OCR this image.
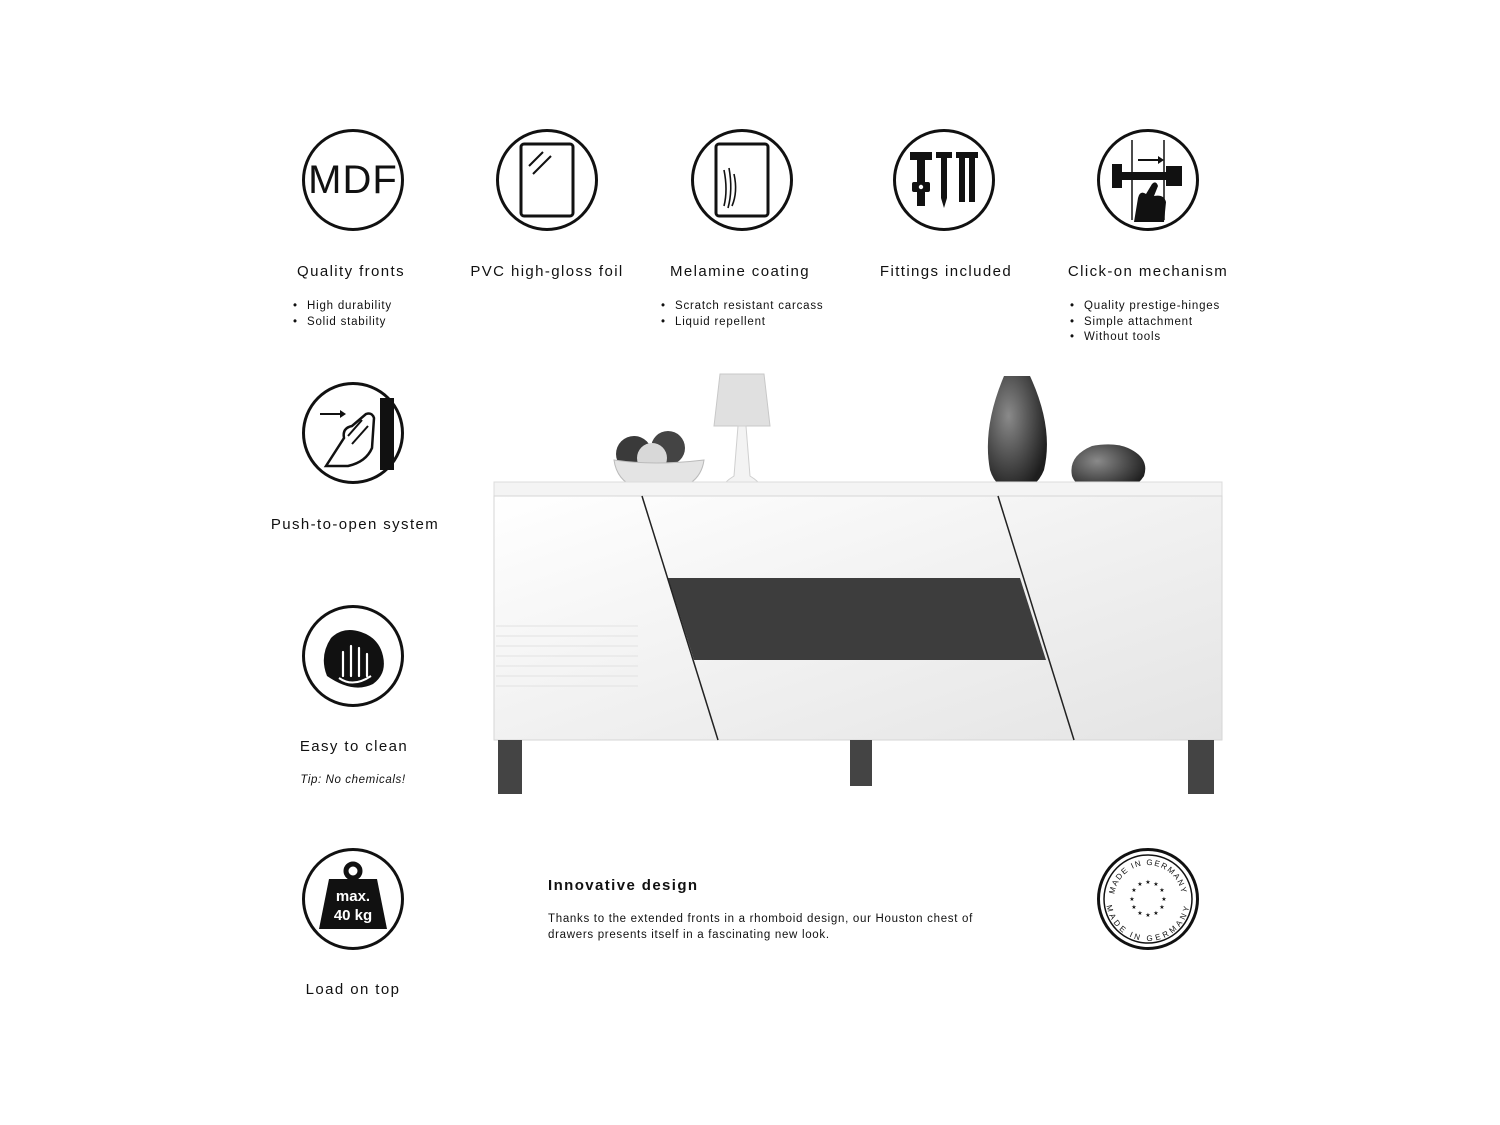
MDF
Quality fronts
• High durability
• Solid stability
PVC high-gloss foil	Melamine coating
• Scratch resistant carcass
• Liquid repellent
Fittings included	Click-on mechanism
• Quality prestige-hinges
• Simple attachment
• Without tools
Push-to-open system
Easy to clean
Tip: No chemicals!
max.
40 kg
Load on top
Innovative design
Thanks to the extended fronts in a rhomboid design, our Houston chest of drawers presents itself in a fascinating new look.
MADE IN GERMANY
MADE IN GERMANY
★ ★
★
★
★
★
★
★
★
★
★
★
